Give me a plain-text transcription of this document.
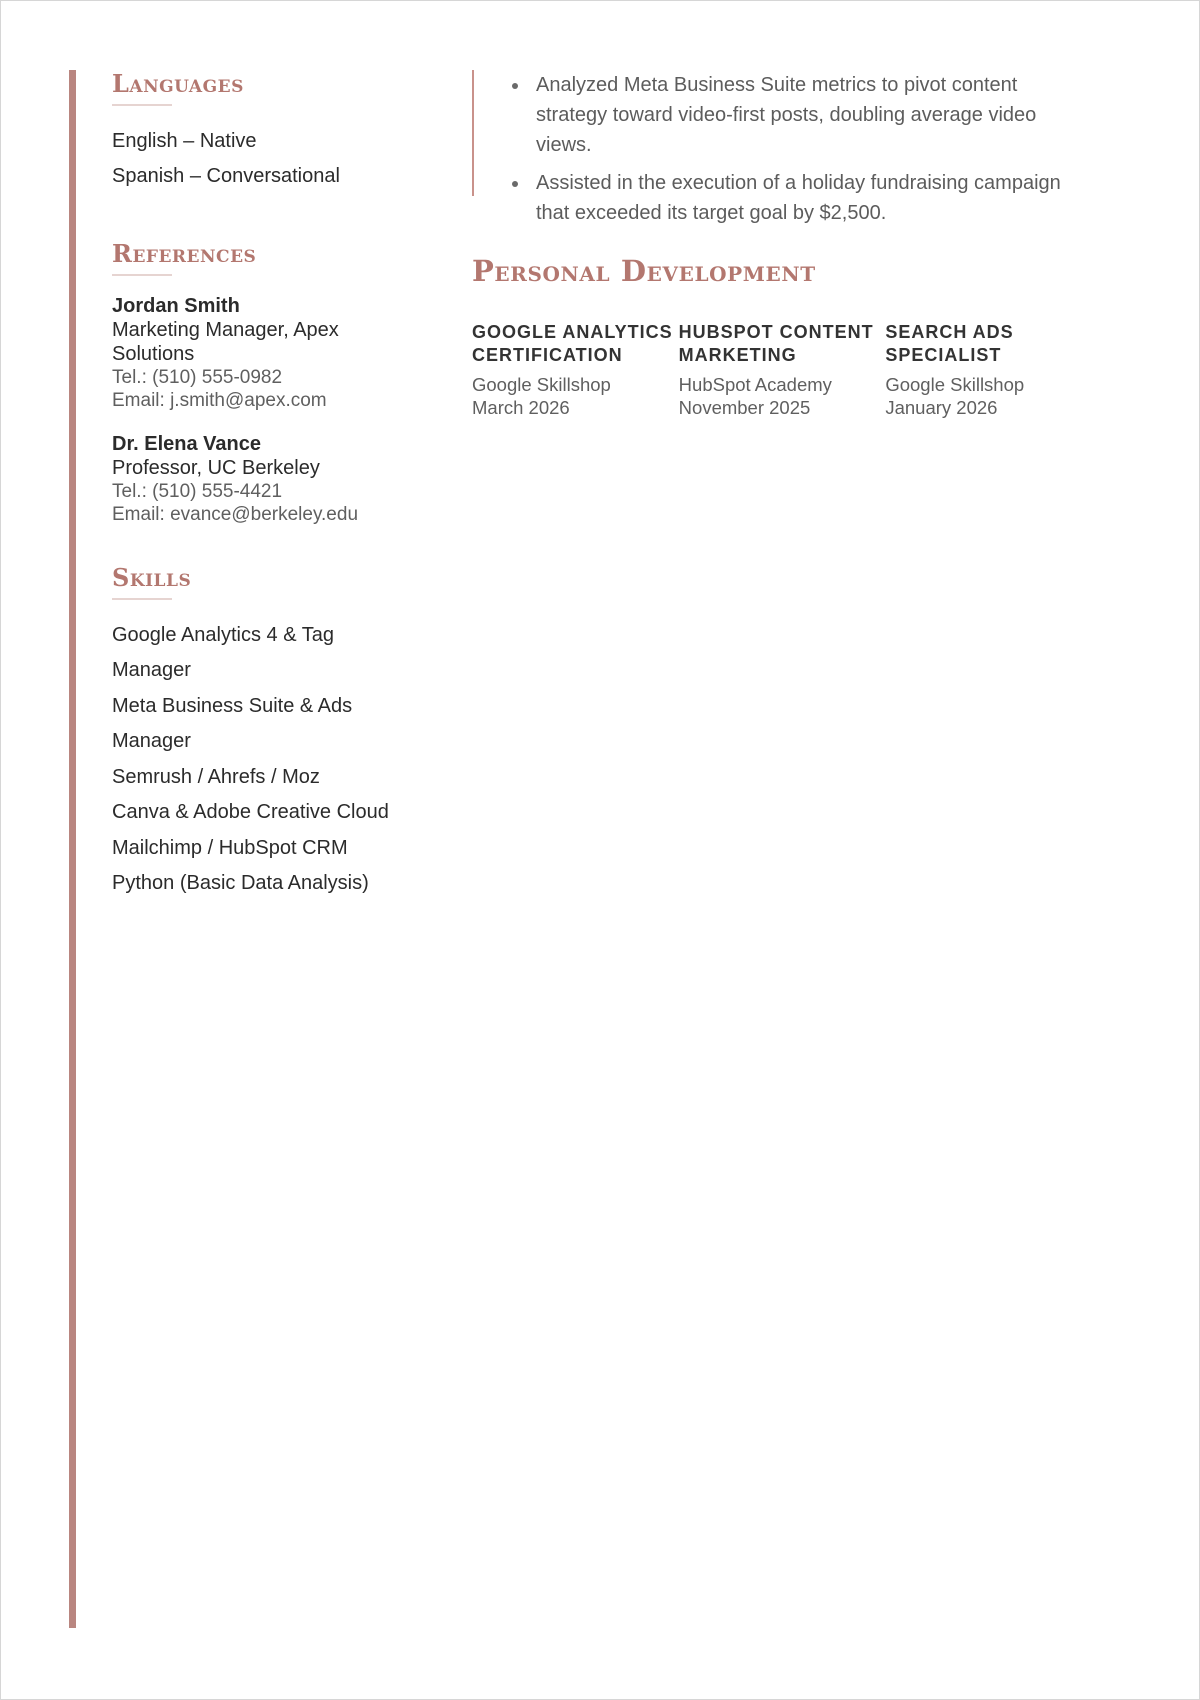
Languages
English – Native
Spanish – Conversational
References
Jordan Smith
Marketing Manager, Apex Solutions
Tel.: (510) 555-0982
Email: j.smith@apex.com
Dr. Elena Vance
Professor, UC Berkeley
Tel.: (510) 555-4421
Email: evance@berkeley.edu
Skills
Google Analytics 4 & Tag
Manager
Meta Business Suite & Ads
Manager
Semrush / Ahrefs / Moz
Canva & Adobe Creative Cloud
Mailchimp / HubSpot CRM
Python (Basic Data Analysis)
Analyzed Meta Business Suite metrics to pivot content strategy toward video-first posts, doubling average video views.
Assisted in the execution of a holiday fundraising campaign that exceeded its target goal by $2,500.
Personal Development
GOOGLE ANALYTICS CERTIFICATION
Google Skillshop
March 2026
HUBSPOT CONTENT MARKETING
HubSpot Academy
November 2025
SEARCH ADS SPECIALIST
Google Skillshop
January 2026
